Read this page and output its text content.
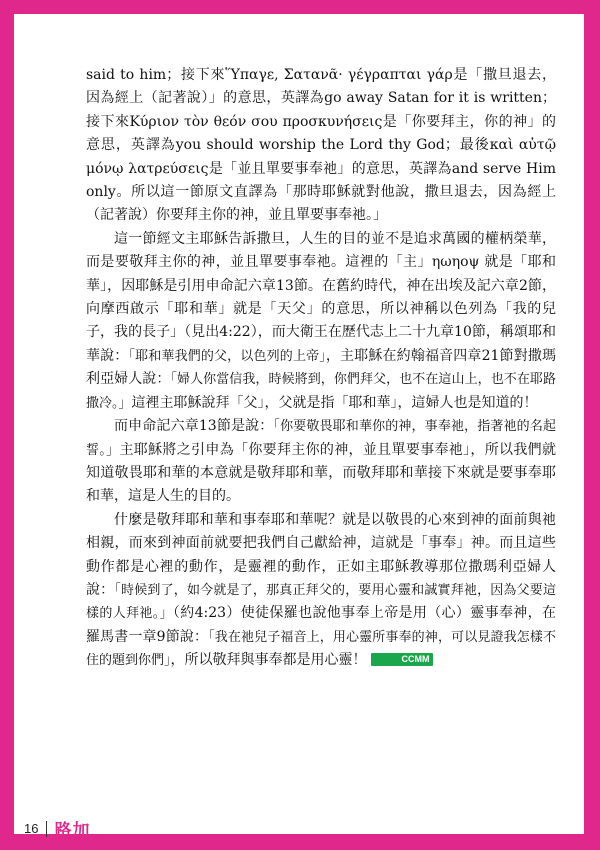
said to him；接下來Ὕπαγε, Σατανᾶ· γέγραπται γάρ是「撒旦退去，因為經上（記著說）」的意思，英譯為go away Satan for it is written；接下來Κύριον τὸν θεόν σου προσκυνήσεις是「你要拜主，你的神」的意思，英譯為you should worship the Lord thy God；最後καὶ αὐτῷ μόνῳ λατρεύσεις是「並且單要事奉祂」的意思，英譯為and serve Him only。所以這一節原文直譯為「那時耶穌就對他說，撒旦退去，因為經上（記著說）你要拜主你的神，並且單要事奉祂。」

這一節經文主耶穌告訴撒旦，人生的目的並不是追求萬國的權柄榮華，而是要敬拜主你的神，並且單要事奉祂。這裡的「主」ηωηοψ 就是「耶和華」，因耶穌是引用申命記六章13節。在舊約時代，神在出埃及記六章2節，向摩西啟示「耶和華」就是「天父」的意思，所以神稱以色列為「我的兒子，我的長子」（見出4:22），而大衛王在歷代志上二十九章10節，稱頌耶和華說：「耶和華我們的父，以色列的上帝」，主耶穌在約翰福音四章21節對撒瑪利亞婦人說：「婦人你當信我，時候將到，你們拜父，也不在這山上，也不在耶路撒冷。」這裡主耶穌說拜「父」，父就是指「耶和華」，這婦人也是知道的！

而申命記六章13節是說：「你要敬畏耶和華你的神，事奉祂，指著祂的名起誓。」主耶穌將之引申為「你要拜主你的神，並且單要事奉祂」，所以我們就知道敬畏耶和華的本意就是敬拜耶和華，而敬拜耶和華接下來就是要事奉耶和華，這是人生的目的。

什麼是敬拜耶和華和事奉耶和華呢？就是以敬畏的心來到神的面前與祂相親，而來到神面前就要把我們自己獻給神，這就是「事奉」神。而且這些動作都是心裡的動作，是靈裡的動作，正如主耶穌教導那位撒瑪利亞婦人說：「時候到了，如今就是了，那真正拜父的，要用心靈和誠實拜祂，因為父要這樣的人拜祂。」（約4:23）使徒保羅也說他事奉上帝是用（心）靈事奉神，在羅馬書一章9節說：「我在祂兒子福音上，用心靈所事奉的神，可以見證我怎樣不住的題到你們」，所以敬拜與事奉都是用心靈！	CCMM

16 路加
